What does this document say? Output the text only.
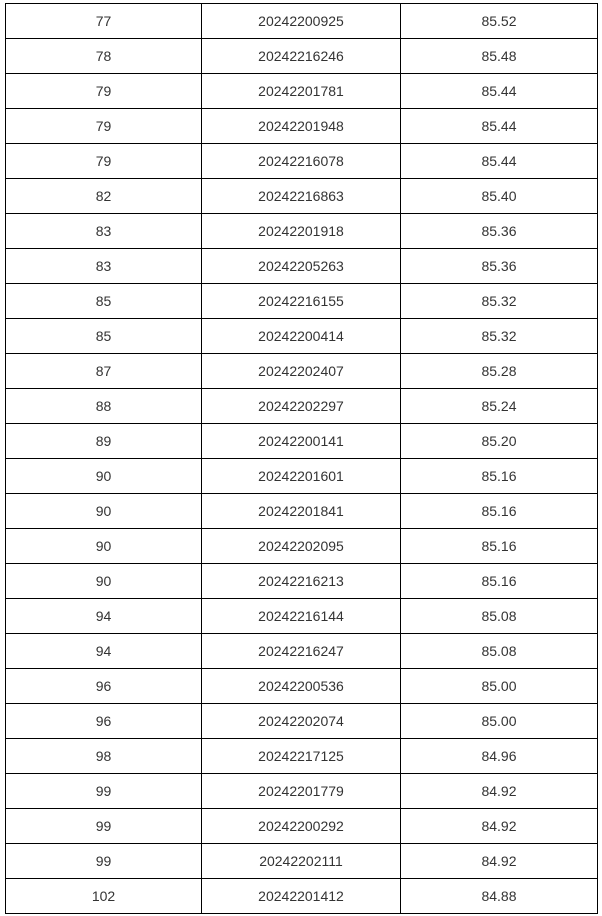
77	20242200925	85.52
78	20242216246	85.48
79	20242201781	85.44
79	20242201948	85.44
79	20242216078	85.44
82	20242216863	85.40
83	20242201918	85.36
83	20242205263	85.36
85	20242216155	85.32
85	20242200414	85.32
87	20242202407	85.28
88	20242202297	85.24
89	20242200141	85.20
90	20242201601	85.16
90	20242201841	85.16
90	20242202095	85.16
90	20242216213	85.16
94	20242216144	85.08
94	20242216247	85.08
96	20242200536	85.00
96	20242202074	85.00
98	20242217125	84.96
99	20242201779	84.92
99	20242200292	84.92
99	20242202111	84.92
102	20242201412	84.88
